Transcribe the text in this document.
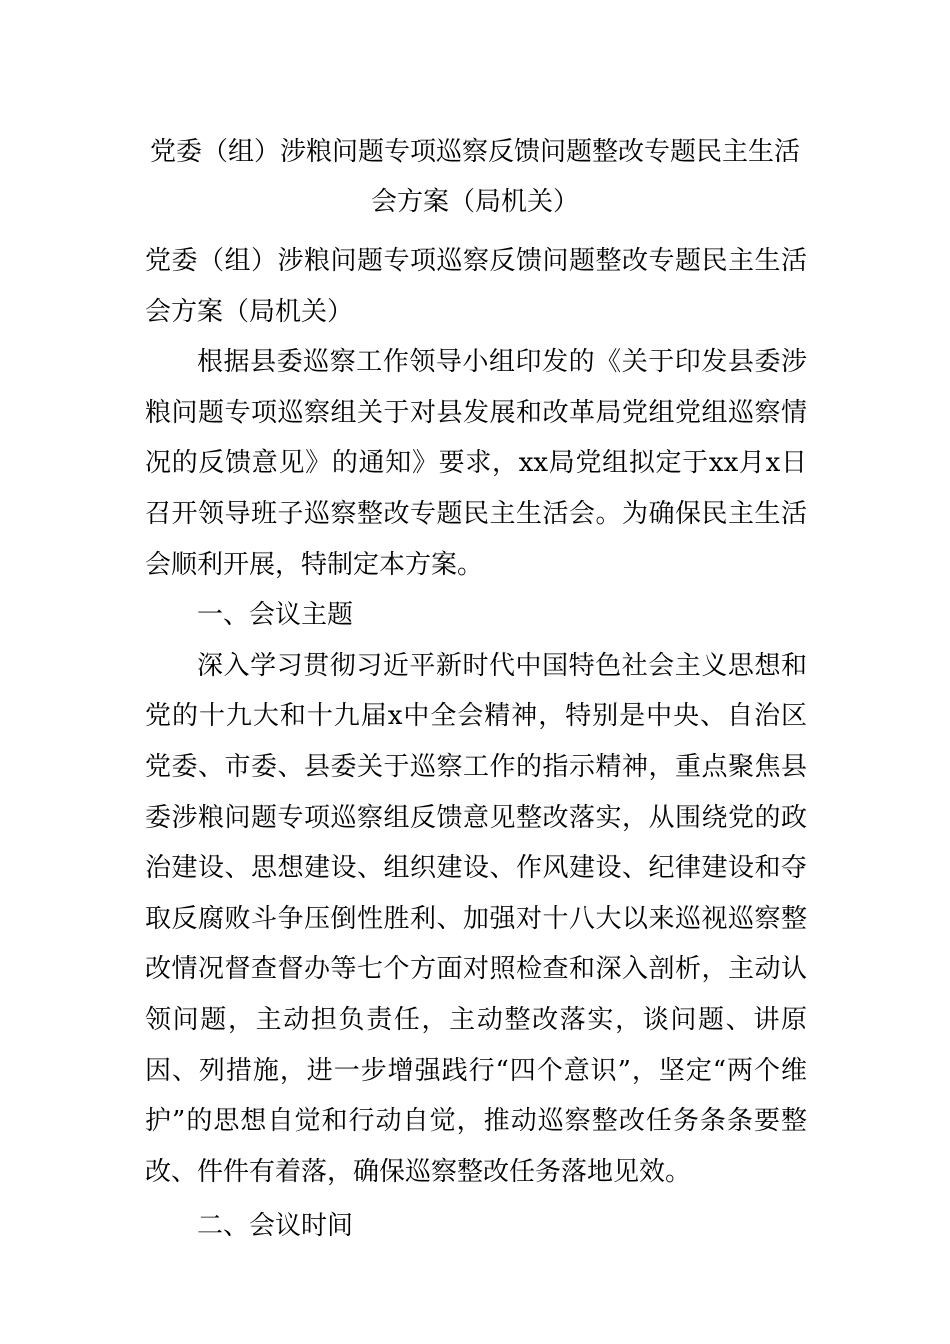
党委（组）涉粮问题专项巡察反馈问题整改专题民主生活
会方案（局机关）

党委（组）涉粮问题专项巡察反馈问题整改专题民主生活会方案（局机关）

根据县委巡察工作领导小组印发的《关于印发县委涉粮问题专项巡察组关于对县发展和改革局党组党组巡察情况的反馈意见》的通知》要求，xx局党组拟定于xx月x日召开领导班子巡察整改专题民主生活会。为确保民主生活会顺利开展，特制定本方案。

一、会议主题

深入学习贯彻习近平新时代中国特色社会主义思想和党的十九大和十九届x中全会精神，特别是中央、自治区党委、市委、县委关于巡察工作的指示精神，重点聚焦县委涉粮问题专项巡察组反馈意见整改落实，从围绕党的政治建设、思想建设、组织建设、作风建设、纪律建设和夺取反腐败斗争压倒性胜利、加强对十八大以来巡视巡察整改情况督查督办等七个方面对照检查和深入剖析，主动认领问题，主动担负责任，主动整改落实，谈问题、讲原因、列措施，进一步增强践行“四个意识”，坚定“两个维护”的思想自觉和行动自觉，推动巡察整改任务条条要整改、件件有着落，确保巡察整改任务落地见效。

二、会议时间
